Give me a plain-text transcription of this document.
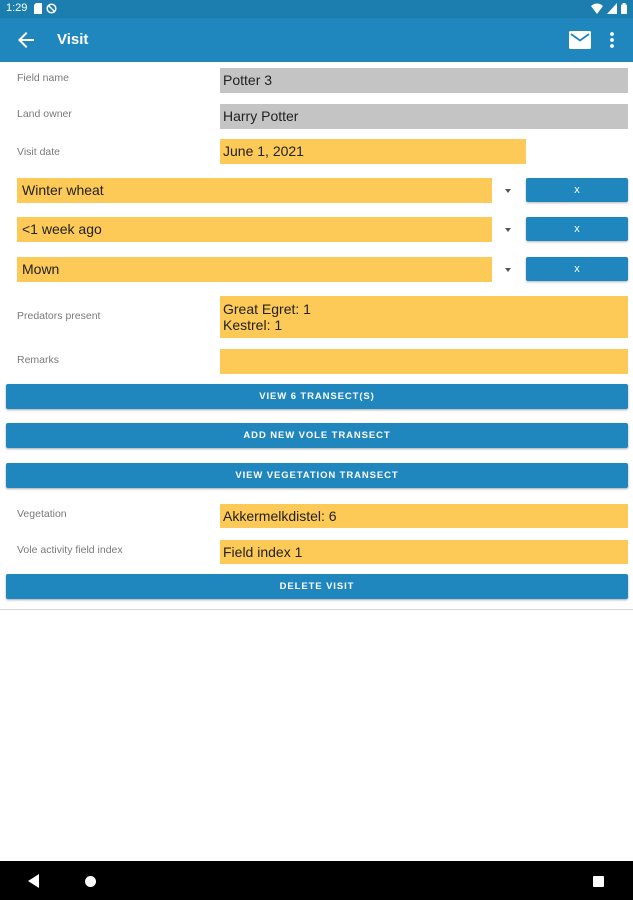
1:29
Visit
Field name	Potter 3
Land owner	Harry Potter
Visit date	June 1, 2021
Winter wheat	x
<1 week ago	x
Mown	x
Predators present	Great Egret: 1
Kestrel: 1
Remarks
VIEW 6 TRANSECT(S)
ADD NEW VOLE TRANSECT
VIEW VEGETATION TRANSECT
Vegetation	Akkermelkdistel: 6
Vole activity field index	Field index 1
DELETE VISIT
